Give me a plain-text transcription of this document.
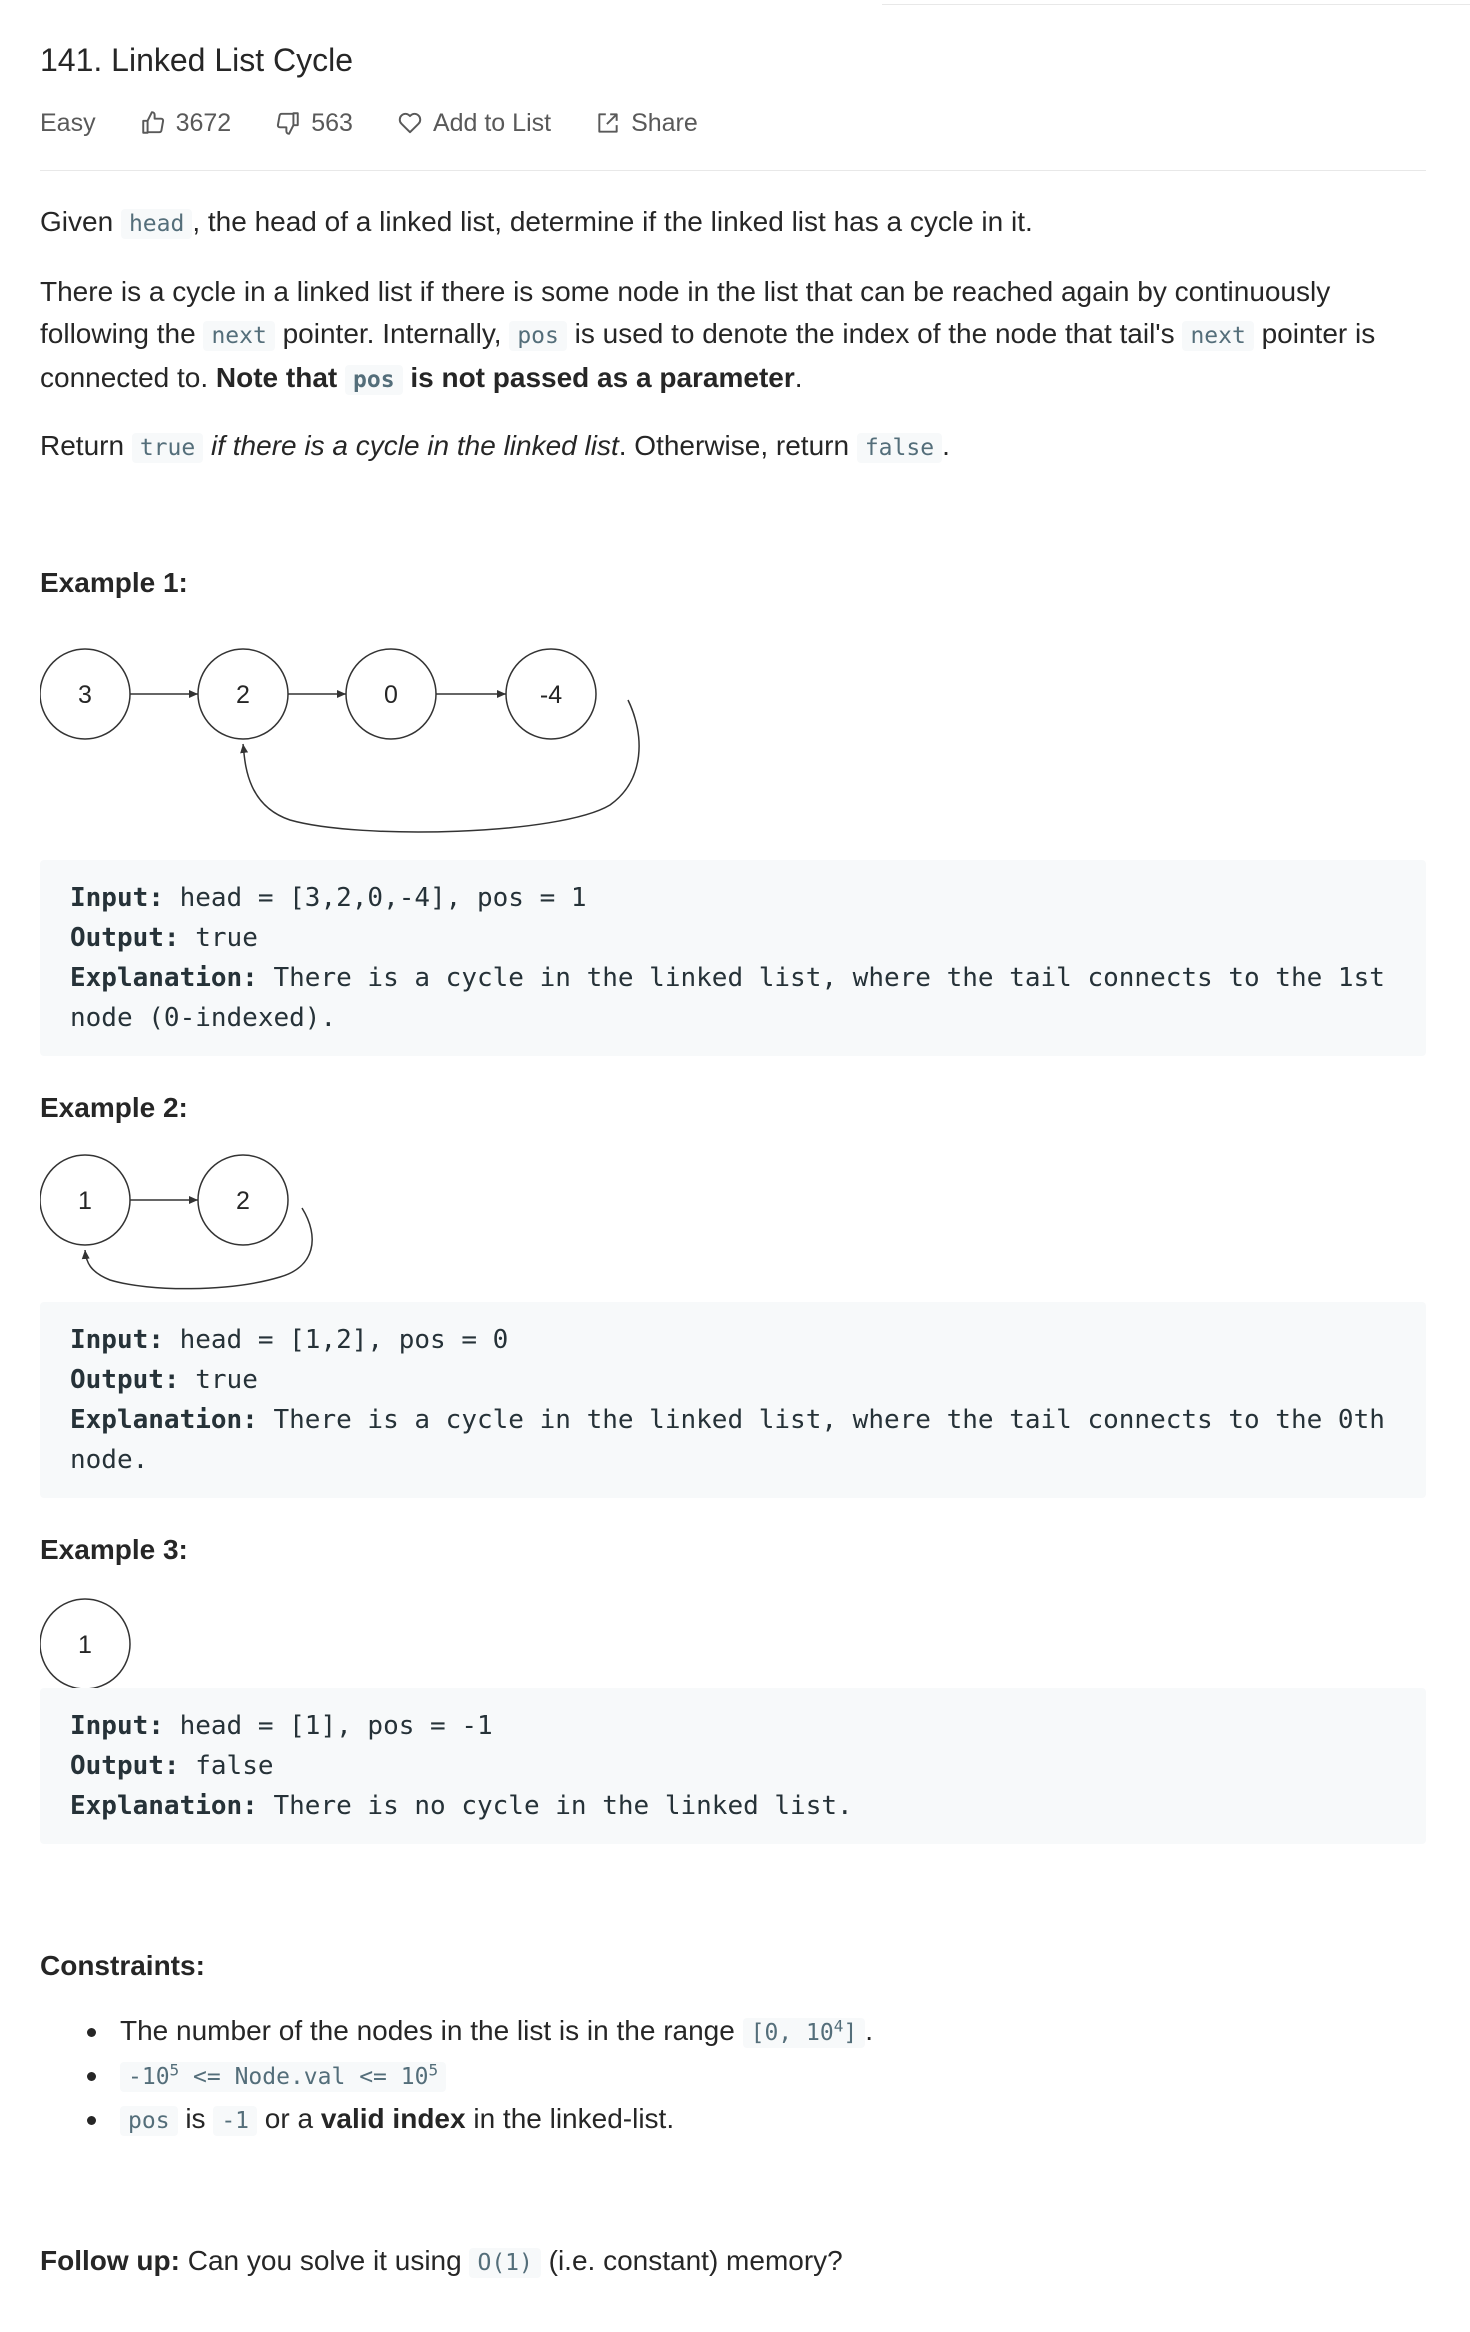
141. Linked List Cycle
Easy	3672	563	Add to List	Share

Given head , the head of a linked list, determine if the linked list has a cycle in it.

There is a cycle in a linked list if there is some node in the list that can be reached again by continuously following the next pointer. Internally, pos is used to denote the index of the node that tail's next pointer is connected to. Note that pos is not passed as a parameter.

Return true if there is a cycle in the linked list. Otherwise, return false .

Example 1:
3	2	0	-4
Input: head = [3,2,0,-4], pos = 1
Output: true
Explanation: There is a cycle in the linked list, where the tail connects to the 1st node (0-indexed).
Example 2:
1	2
Input: head = [1,2], pos = 0
Output: true
Explanation: There is a cycle in the linked list, where the tail connects to the 0th node.
Example 3:
1
Input: head = [1], pos = -1
Output: false
Explanation: There is no cycle in the linked list.
Constraints:
The number of the nodes in the list is in the range [0, $10^4$] .
$-10^5$ <= Node.val <= $10^5$
pos is -1 or a valid index in the linked-list.

Follow up: Can you solve it using O(1) (i.e. constant) memory?
